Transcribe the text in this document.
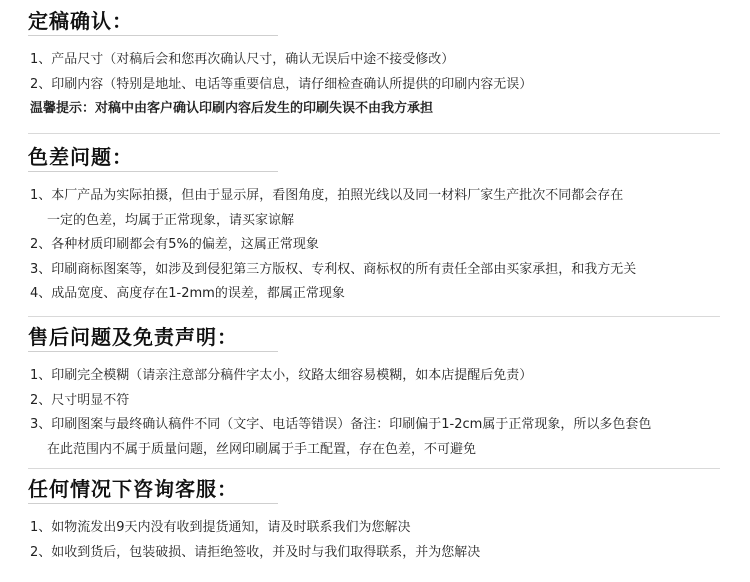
定稿确认：
1、产品尺寸（对稿后会和您再次确认尺寸，确认无误后中途不接受修改）
2、印刷内容（特别是地址、电话等重要信息，请仔细检查确认所提供的印刷内容无误）
温馨提示：对稿中由客户确认印刷内容后发生的印刷失误不由我方承担
色差问题：
1、本厂产品为实际拍摄，但由于显示屏，看图角度，拍照光线以及同一材料厂家生产批次不同都会存在
一定的色差，均属于正常现象，请买家谅解
2、各种材质印刷都会有5%的偏差，这属正常现象
3、印刷商标图案等，如涉及到侵犯第三方版权、专利权、商标权的所有责任全部由买家承担，和我方无关
4、成品宽度、高度存在1-2mm的误差，都属正常现象
售后问题及免责声明：
1、印刷完全模糊（请亲注意部分稿件字太小，纹路太细容易模糊，如本店提醒后免责）
2、尺寸明显不符
3、印刷图案与最终确认稿件不同（文字、电话等错误）备注：印刷偏于1-2cm属于正常现象，所以多色套色
在此范围内不属于质量问题，丝网印刷属于手工配置，存在色差，不可避免
任何情况下咨询客服：
1、如物流发出9天内没有收到提货通知，请及时联系我们为您解决
2、如收到货后，包装破损、请拒绝签收，并及时与我们取得联系，并为您解决
